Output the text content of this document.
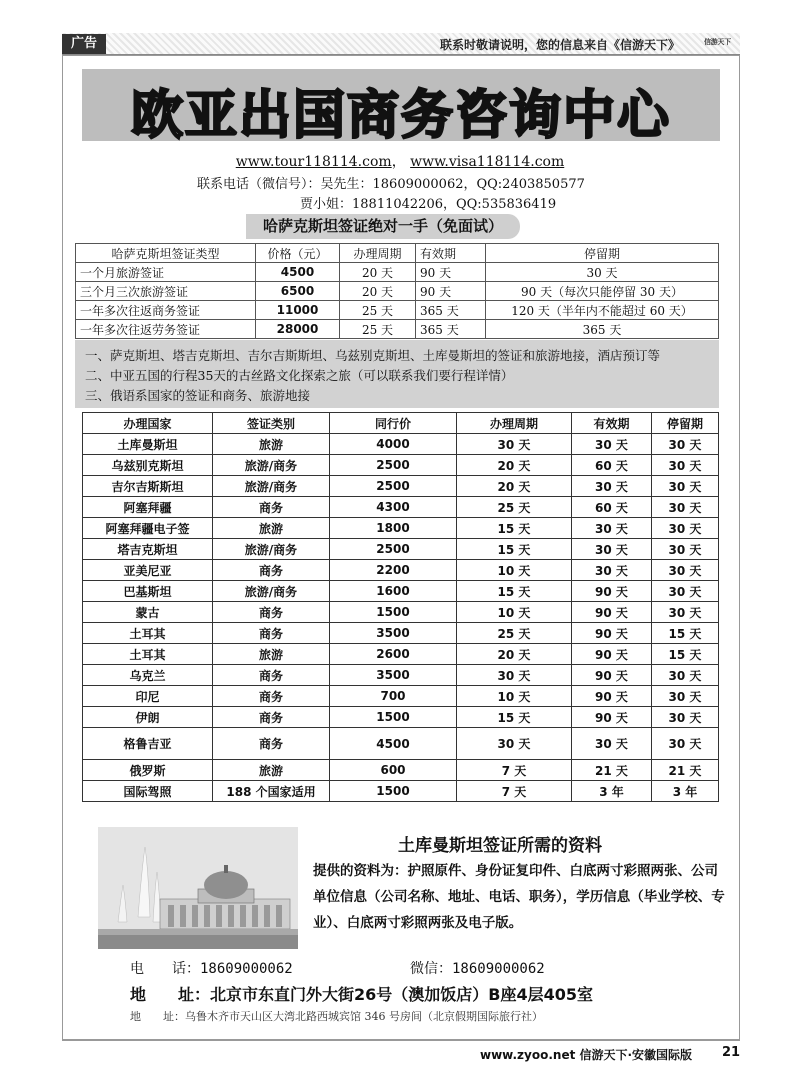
广告	联系时敬请说明，您的信息来自《信游天下》	信游天下
欧亚出国商务咨询中心
www.tour118114.com， www.visa118114.com
联系电话（微信号）：吴先生：18609000062，QQ:2403850577
贾小姐：18811042206，QQ:535836419
哈萨克斯坦签证绝对一手（免面试）
哈萨克斯坦签证类型	价格（元）	办理周期	有效期	停留期
一个月旅游签证	4500	20 天	90 天	30 天
三个月三次旅游签证	6500	20 天	90 天	90 天（每次只能停留 30 天）
一年多次往返商务签证	11000	25 天	365 天	120 天（半年内不能超过 60 天）
一年多次往返劳务签证	28000	25 天	365 天	365 天
一、萨克斯坦、塔吉克斯坦、吉尔吉斯斯坦、乌兹别克斯坦、土库曼斯坦的签证和旅游地接，酒店预订等
二、中亚五国的行程35天的古丝路文化探索之旅（可以联系我们要行程详情）
三、俄语系国家的签证和商务、旅游地接
办理国家	签证类别	同行价	办理周期	有效期	停留期
土库曼斯坦	旅游	4000	30 天	30 天	30 天
乌兹别克斯坦	旅游/商务	2500	20 天	60 天	30 天
吉尔吉斯斯坦	旅游/商务	2500	20 天	30 天	30 天
阿塞拜疆	商务	4300	25 天	60 天	30 天
阿塞拜疆电子签	旅游	1800	15 天	30 天	30 天
塔吉克斯坦	旅游/商务	2500	15 天	30 天	30 天
亚美尼亚	商务	2200	10 天	30 天	30 天
巴基斯坦	旅游/商务	1600	15 天	90 天	30 天
蒙古	商务	1500	10 天	90 天	30 天
土耳其	商务	3500	25 天	90 天	15 天
土耳其	旅游	2600	20 天	90 天	15 天
乌克兰	商务	3500	30 天	90 天	30 天
印尼	商务	700	10 天	90 天	30 天
伊朗	商务	1500	15 天	90 天	30 天
格鲁吉亚	商务	4500	30 天	30 天	30 天
俄罗斯	旅游	600	7 天	21 天	21 天
国际驾照	188 个国家适用	1500	7 天	3 年	3 年
土库曼斯坦签证所需的资料
提供的资料为：护照原件、身份证复印件、白底两寸彩照两张、公司单位信息（公司名称、地址、电话、职务），学历信息（毕业学校、专业）、白底两寸彩照两张及电子版。
电　　话：18609000062	微信：18609000062
地　　址：北京市东直门外大街26号（澳加饭店）B座4层405室
地　　址：乌鲁木齐市天山区大湾北路西城宾馆 346 号房间（北京假期国际旅行社）
www.zyoo.net 信游天下·安徽国际版 21
